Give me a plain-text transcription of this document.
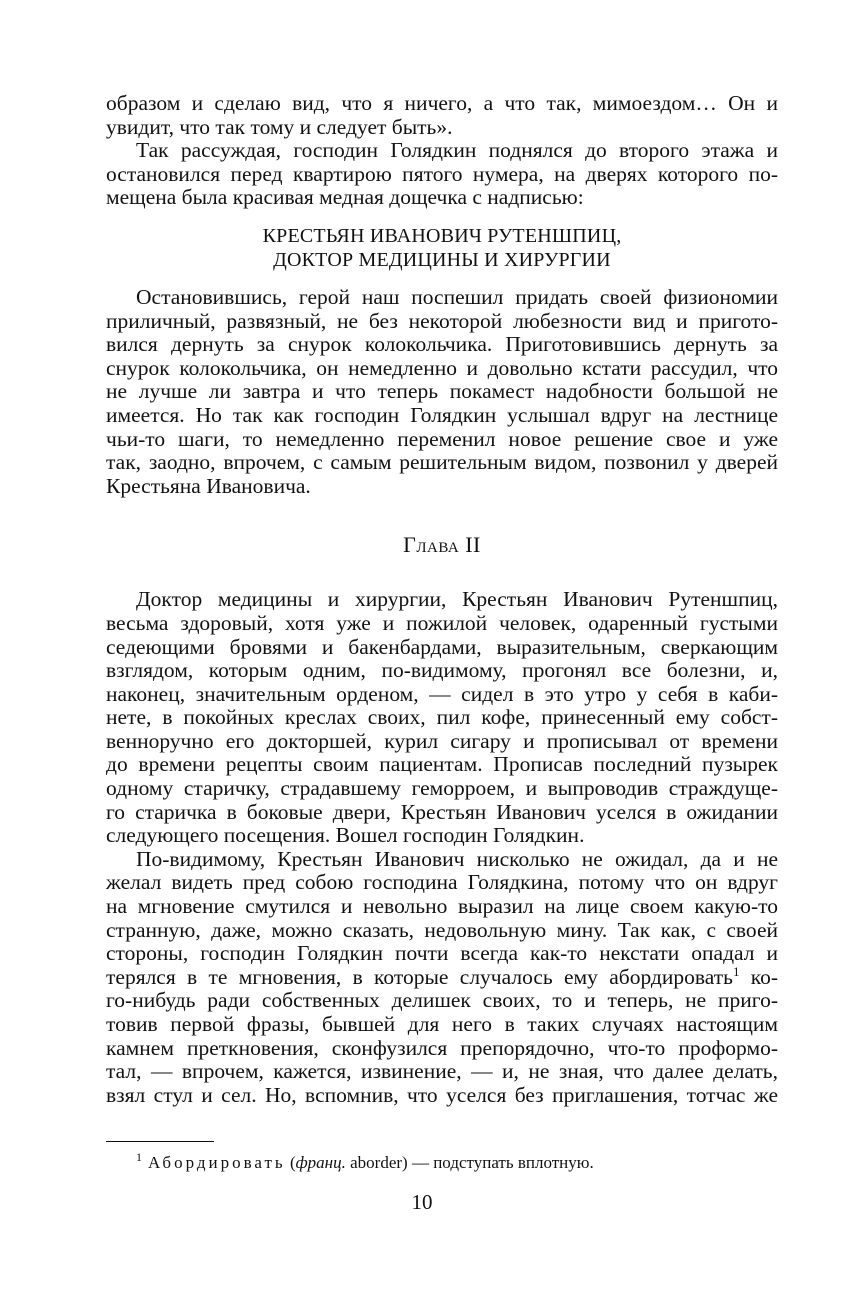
образом и сделаю вид, что я ничего, а что так, мимоездом… Он и
увидит, что так тому и следует быть».
Так рассуждая, господин Голядкин поднялся до второго этажа и
остановился перед квартирою пятого нумера, на дверях которого по-
мещена была красивая медная дощечка с надписью:
КРЕСТЬЯН ИВАНОВИЧ РУТЕНШПИЦ,
ДОКТОР МЕДИЦИНЫ И ХИРУРГИИ
Остановившись, герой наш поспешил придать своей физиономии
приличный, развязный, не без некоторой любезности вид и пригото-
вился дернуть за снурок колокольчика. Приготовившись дернуть за
снурок колокольчика, он немедленно и довольно кстати рассудил, что
не лучше ли завтра и что теперь покамест надобности большой не
имеется. Но так как господин Голядкин услышал вдруг на лестнице
чьи-то шаги, то немедленно переменил новое решение свое и уже
так, заодно, впрочем, с самым решительным видом, позвонил у дверей
Крестьяна Ивановича.
Глава II
Доктор медицины и хирургии, Крестьян Иванович Рутеншпиц,
весьма здоровый, хотя уже и пожилой человек, одаренный густыми
седеющими бровями и бакенбардами, выразительным, сверкающим
взглядом, которым одним, по-видимому, прогонял все болезни, и,
наконец, значительным орденом, — сидел в это утро у себя в каби-
нете, в покойных креслах своих, пил кофе, принесенный ему собст-
венноручно его докторшей, курил сигару и прописывал от времени
до времени рецепты своим пациентам. Прописав последний пузырек
одному старичку, страдавшему геморроем, и выпроводив страждуще-
го старичка в боковые двери, Крестьян Иванович уселся в ожидании
следующего посещения. Вошел господин Голядкин.
По-видимому, Крестьян Иванович нисколько не ожидал, да и не
желал видеть пред собою господина Голядкина, потому что он вдруг
на мгновение смутился и невольно выразил на лице своем какую-то
странную, даже, можно сказать, недовольную мину. Так как, с своей
стороны, господин Голядкин почти всегда как-то некстати опадал и
терялся в те мгновения, в которые случалось ему абордировать$^1$ ко-
го-нибудь ради собственных делишек своих, то и теперь, не приго-
товив первой фразы, бывшей для него в таких случаях настоящим
камнем преткновения, сконфузился препорядочно, что-то проформо-
тал, — впрочем, кажется, извинение, — и, не зная, что далее делать,
взял стул и сел. Но, вспомнив, что уселся без приглашения, тотчас же
$^1$ Абордировать (франц. aborder) — подступать вплотную.
10
